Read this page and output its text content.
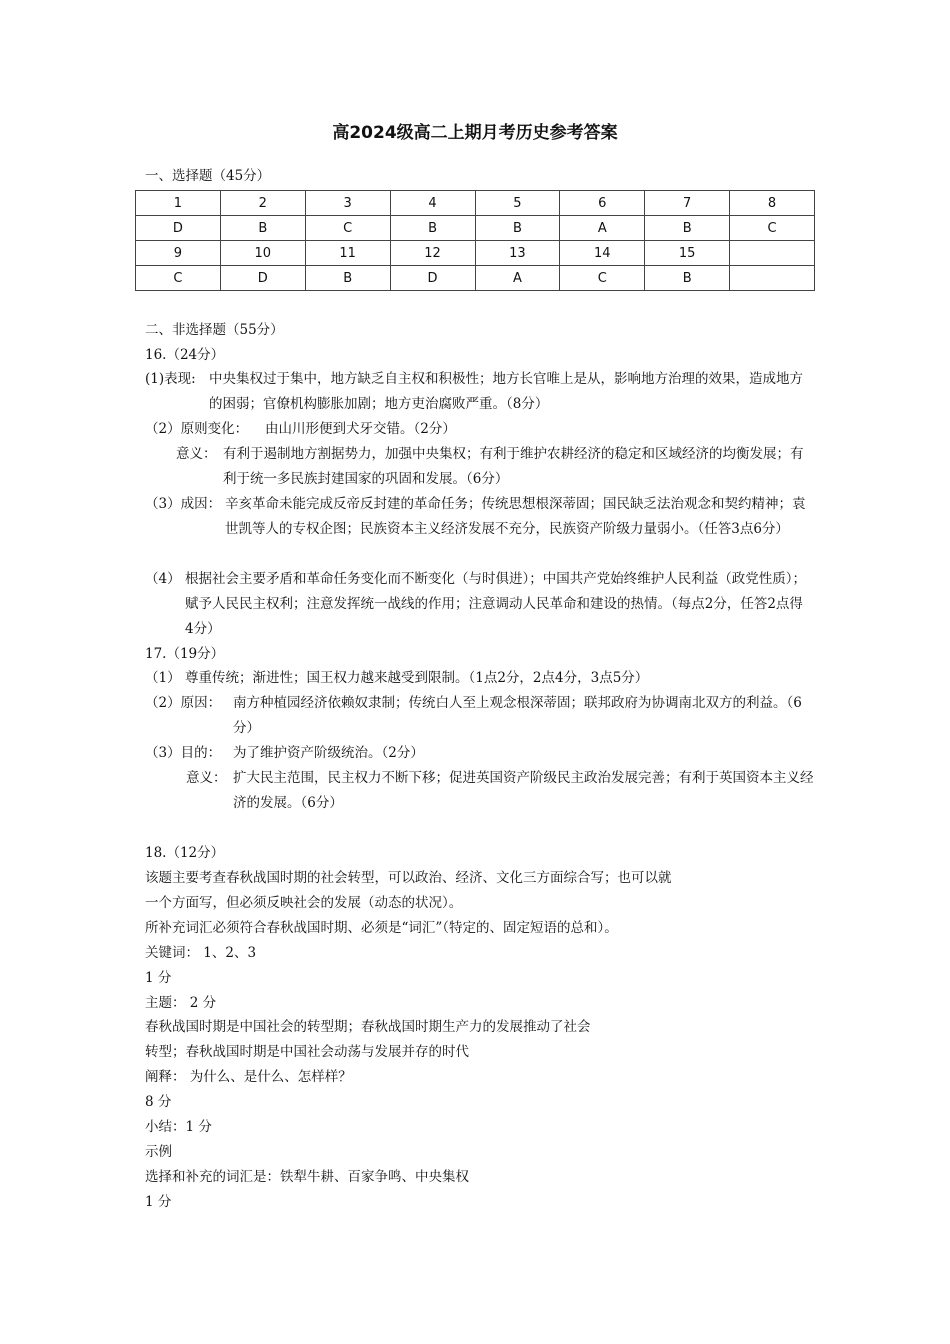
高2024级高二上期月考历史参考答案
一、选择题（45分）
1	2	3	4	5	6	7	8
D	B	C	B	B	A	B	C
9	10	11	12	13	14	15	
C	D	B	D	A	C	B	
二、非选择题（55分）
16.（24分）
(1)表现: 中央集权过于集中，地方缺乏自主权和积极性；地方长官唯上是从，影响地方治理的效果，造成地方的困弱；官僚机构膨胀加剧；地方吏治腐败严重。（8分）
（2）原则变化： 由山川形便到犬牙交错。（2分）
意义： 有利于遏制地方割据势力，加强中央集权；有利于维护农耕经济的稳定和区域经济的均衡发展；有利于统一多民族封建国家的巩固和发展。（6分）
（3）成因： 辛亥革命未能完成反帝反封建的革命任务；传统思想根深蒂固；国民缺乏法治观念和契约精神；袁世凯等人的专权企图；民族资本主义经济发展不充分，民族资产阶级力量弱小。（任答3点6分）
（4） 根据社会主要矛盾和革命任务变化而不断变化（与时俱进）；中国共产党始终维护人民利益（政党性质）；赋予人民民主权利；注意发挥统一战线的作用；注意调动人民革命和建设的热情。（每点2分，任答2点得4分）
17.（19分）
（1） 尊重传统；渐进性；国王权力越来越受到限制。（1点2分，2点4分，3点5分）
（2）原因： 南方种植园经济依赖奴隶制；传统白人至上观念根深蒂固；联邦政府为协调南北双方的利益。（6分）
（3）目的： 为了维护资产阶级统治。（2分）
意义： 扩大民主范围，民主权力不断下移；促进英国资产阶级民主政治发展完善；有利于英国资本主义经济的发展。（6分）
18.（12分）
该题主要考查春秋战国时期的社会转型，可以政治、经济、文化三方面综合写；也可以就
一个方面写，但必须反映社会的发展（动态的状况）。
所补充词汇必须符合春秋战国时期、必须是“词汇”（特定的、固定短语的总和）。
关键词： 1、2、3
1 分
主题： 2 分
春秋战国时期是中国社会的转型期；春秋战国时期生产力的发展推动了社会
转型；春秋战国时期是中国社会动荡与发展并存的时代
阐释： 为什么、是什么、怎样样？
8 分
小结：1 分
示例
选择和补充的词汇是：铁犁牛耕、百家争鸣、中央集权
1 分
